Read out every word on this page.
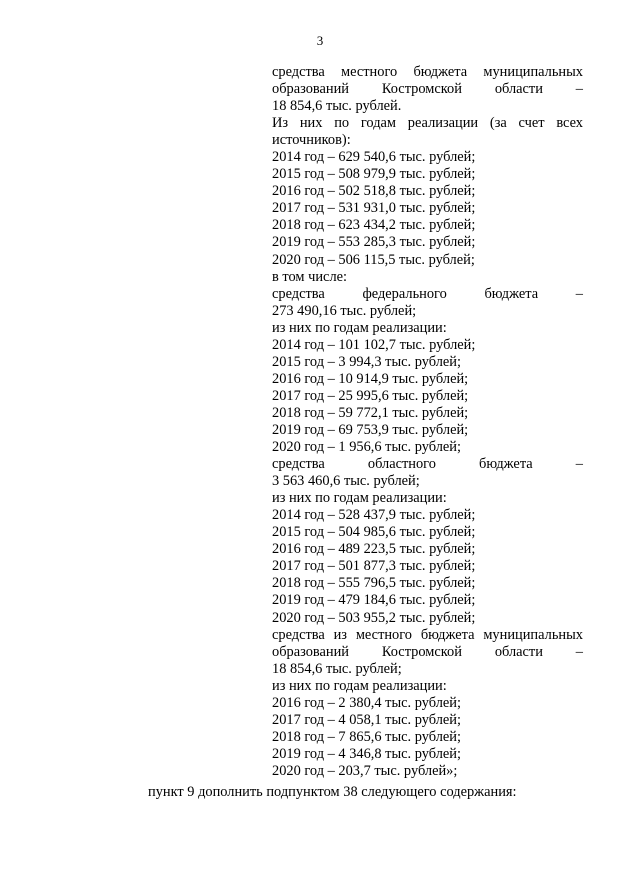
3
средства местного бюджета муниципальных
образований Костромской области –
18 854,6 тыс. рублей.
Из них по годам реализации (за счет всех
источников):
2014 год – 629 540,6 тыс. рублей;
2015 год – 508 979,9 тыс. рублей;
2016 год – 502 518,8 тыс. рублей;
2017 год – 531 931,0 тыс. рублей;
2018 год – 623 434,2 тыс. рублей;
2019 год – 553 285,3 тыс. рублей;
2020 год – 506 115,5 тыс. рублей;
в том числе:
средства	федерального	бюджета	–
273 490,16 тыс. рублей;
из них по годам реализации:
2014 год – 101 102,7 тыс. рублей;
2015 год – 3 994,3 тыс. рублей;
2016 год – 10 914,9 тыс. рублей;
2017 год – 25 995,6 тыс. рублей;
2018 год – 59 772,1 тыс. рублей;
2019 год – 69 753,9 тыс. рублей;
2020 год – 1 956,6 тыс. рублей;
средства	областного	бюджета	–
3 563 460,6 тыс. рублей;
из них по годам реализации:
2014 год – 528 437,9 тыс. рублей;
2015 год – 504 985,6 тыс. рублей;
2016 год – 489 223,5 тыс. рублей;
2017 год – 501 877,3 тыс. рублей;
2018 год – 555 796,5 тыс. рублей;
2019 год – 479 184,6 тыс. рублей;
2020 год – 503 955,2 тыс. рублей;
средства из местного бюджета муниципальных
образований Костромской области –
18 854,6 тыс. рублей;
из них по годам реализации:
2016 год – 2 380,4 тыс. рублей;
2017 год – 4 058,1 тыс. рублей;
2018 год – 7 865,6 тыс. рублей;
2019 год – 4 346,8 тыс. рублей;
2020 год – 203,7 тыс. рублей»;
пункт 9 дополнить подпунктом 38 следующего содержания:
